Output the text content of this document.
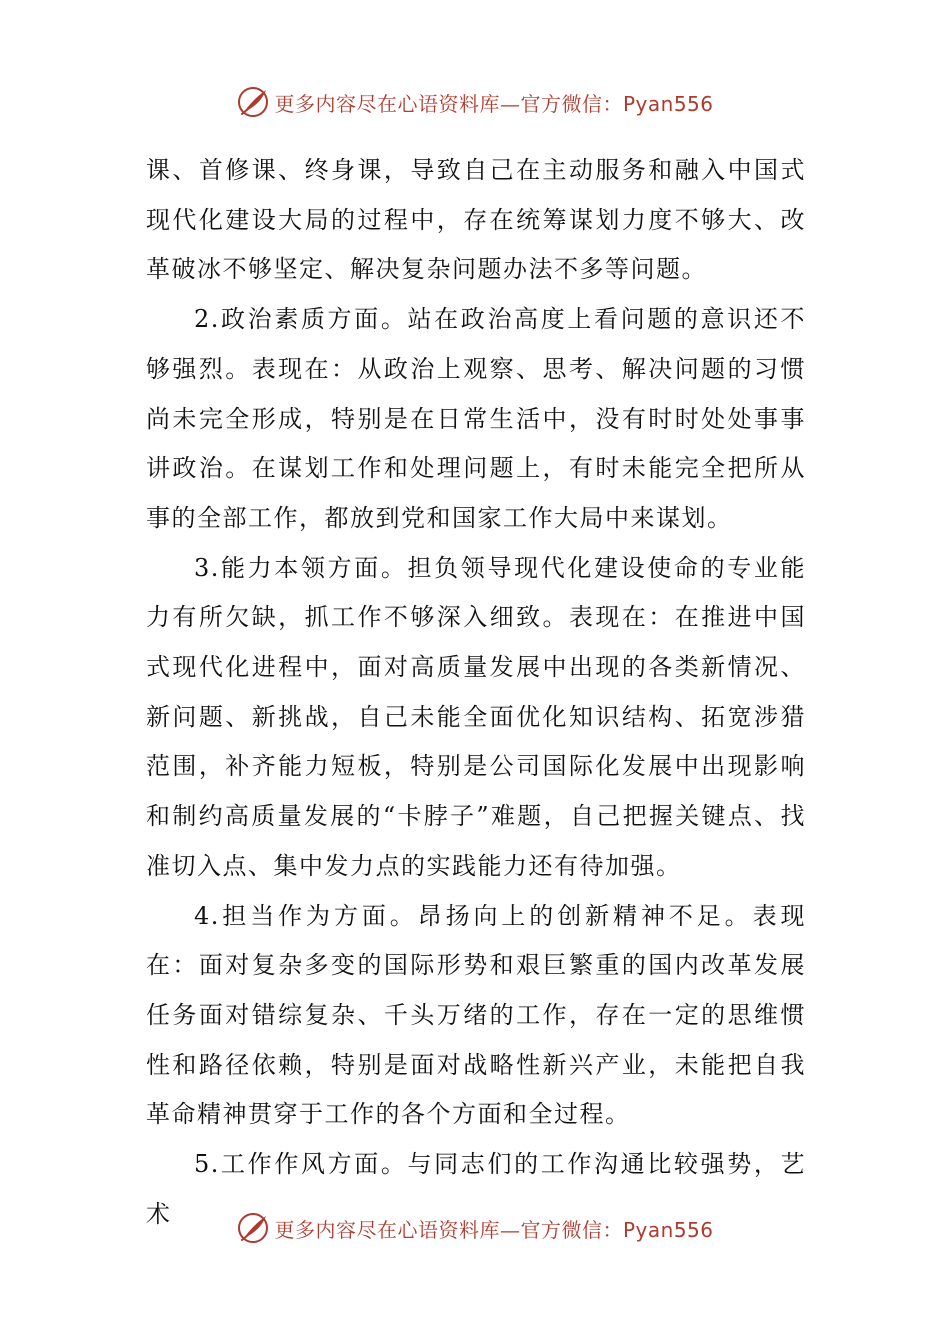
更多内容尽在心语资料库—官方微信：Pyan556

课、首修课、终身课，导致自己在主动服务和融入中国式现代化建设大局的过程中，存在统筹谋划力度不够大、改革破冰不够坚定、解决复杂问题办法不多等问题。

2.政治素质方面。站在政治高度上看问题的意识还不够强烈。表现在：从政治上观察、思考、解决问题的习惯尚未完全形成，特别是在日常生活中，没有时时处处事事讲政治。在谋划工作和处理问题上，有时未能完全把所从事的全部工作，都放到党和国家工作大局中来谋划。

3.能力本领方面。担负领导现代化建设使命的专业能力有所欠缺，抓工作不够深入细致。表现在：在推进中国式现代化进程中，面对高质量发展中出现的各类新情况、新问题、新挑战，自己未能全面优化知识结构、拓宽涉猎范围，补齐能力短板，特别是公司国际化发展中出现影响和制约高质量发展的“卡脖子”难题，自己把握关键点、找准切入点、集中发力点的实践能力还有待加强。

4.担当作为方面。昂扬向上的创新精神不足。表现在：面对复杂多变的国际形势和艰巨繁重的国内改革发展任务面对错综复杂、千头万绪的工作，存在一定的思维惯性和路径依赖，特别是面对战略性新兴产业，未能把自我革命精神贯穿于工作的各个方面和全过程。

5.工作作风方面。与同志们的工作沟通比较强势，艺术

更多内容尽在心语资料库—官方微信：Pyan556
